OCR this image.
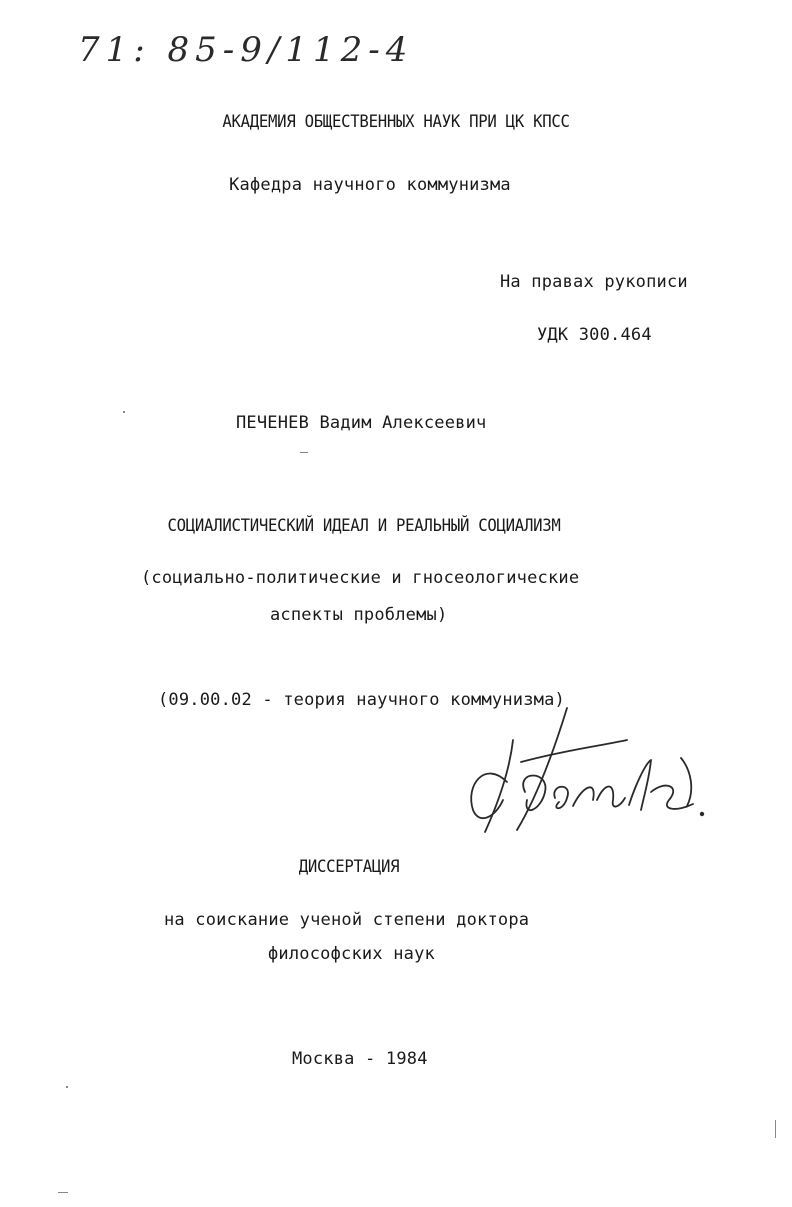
71: 85-9/112-4
АКАДЕМИЯ ОБЩЕСТВЕННЫХ НАУК ПРИ ЦК КПСС
Кафедра научного коммунизма
На правах рукописи
УДК 300.464
ПЕЧЕНЕВ Вадим Алексеевич
СОЦИАЛИСТИЧЕСКИЙ ИДЕАЛ И РЕАЛЬНЫЙ СОЦИАЛИЗМ
(социально-политические и гносеологические
аспекты проблемы)
(09.00.02 - теория научного коммунизма)
ДИССЕРТАЦИЯ
на соискание ученой степени доктора
философских наук
Москва - 1984
